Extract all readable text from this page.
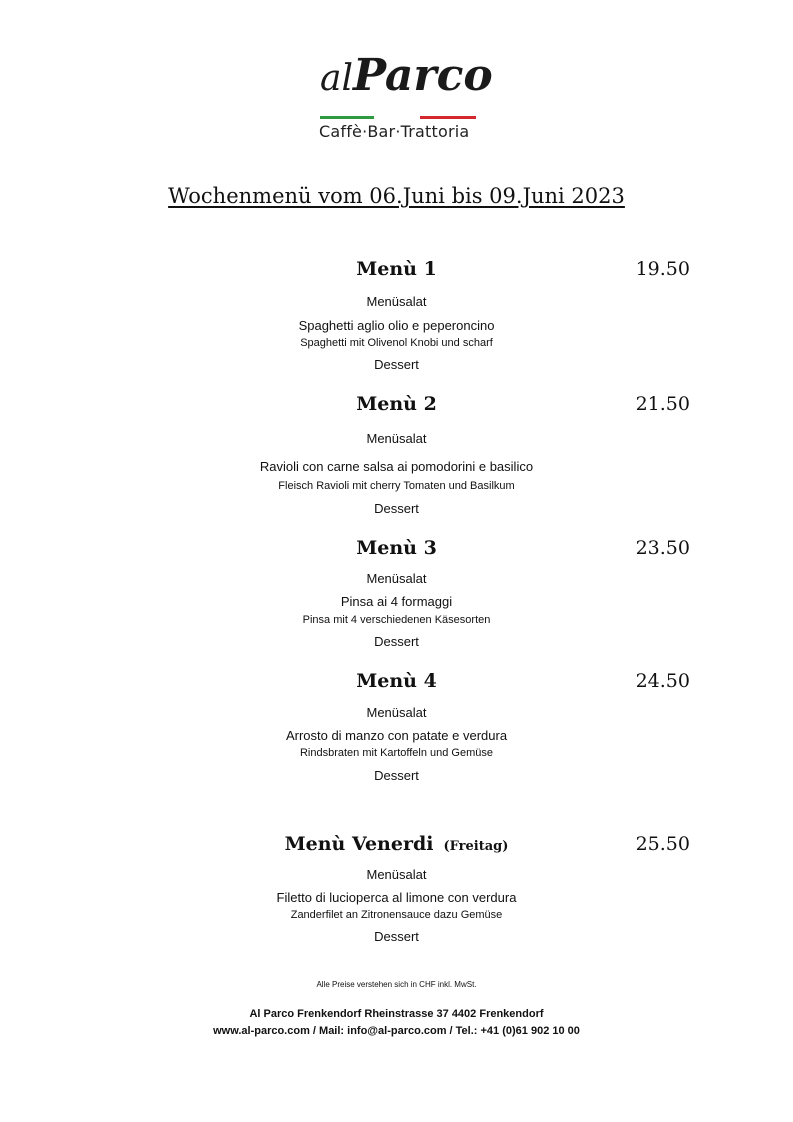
alParco
Caffè·Bar·Trattoria
Wochenmenü vom 06.Juni bis 09.Juni 2023
Menù 1	19.50
Menüsalat
Spaghetti aglio olio e peperoncino
Spaghetti mit Olivenol Knobi und scharf
Dessert
Menù 2	21.50
Menüsalat
Ravioli con carne salsa ai pomodorini e basilico
Fleisch Ravioli mit cherry Tomaten und Basilkum
Dessert
Menù 3	23.50
Menüsalat
Pinsa ai 4 formaggi
Pinsa mit 4 verschiedenen Käsesorten
Dessert
Menù 4	24.50
Menüsalat
Arrosto di manzo con patate e verdura
Rindsbraten mit Kartoffeln und Gemüse
Dessert
Menù Venerdi (Freitag)	25.50
Menüsalat
Filetto di lucioperca al limone con verdura
Zanderfilet an Zitronensauce dazu Gemüse
Dessert
Alle Preise verstehen sich in CHF inkl. MwSt.
Al Parco Frenkendorf Rheinstrasse 37 4402 Frenkendorf
www.al-parco.com / Mail: info@al-parco.com / Tel.: +41 (0)61 902 10 00
